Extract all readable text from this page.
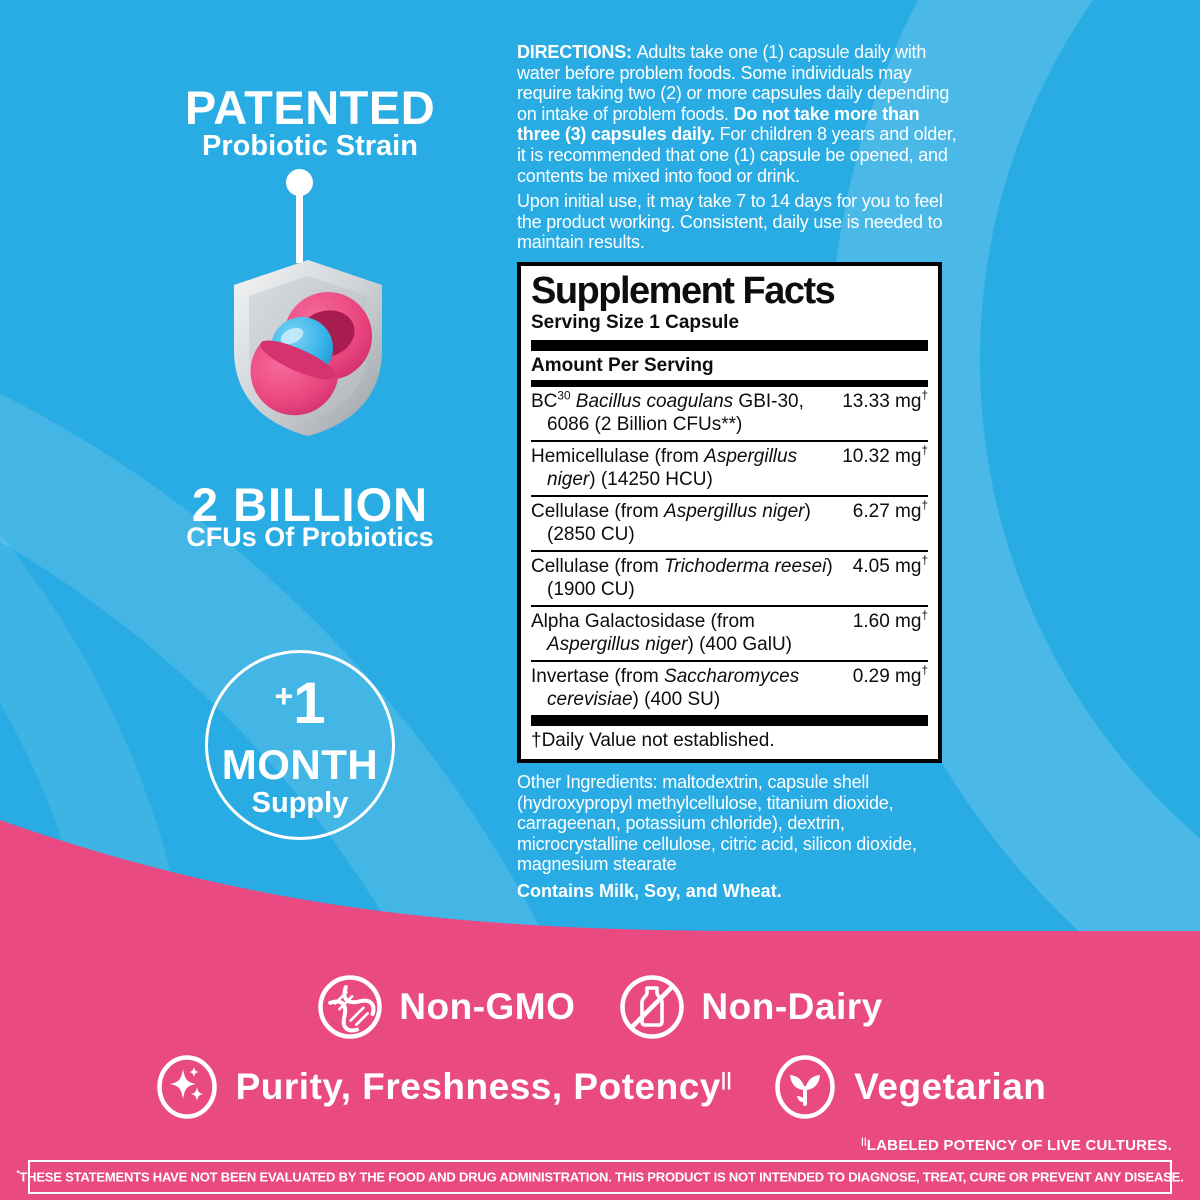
PATENTED
Probiotic Strain
2 BILLION
CFUs Of Probiotics
+1
MONTH
Supply

DIRECTIONS: Adults take one (1) capsule daily with water before problem foods. Some individuals may require taking two (2) or more capsules daily depending on intake of problem foods. Do not take more than three (3) capsules daily. For children 8 years and older, it is recommended that one (1) capsule be opened, and contents be mixed into food or drink.

Upon initial use, it may take 7 to 14 days for you to feel the product working. Consistent, daily use is needed to maintain results.

Supplement Facts
Serving Size 1 Capsule
Amount Per Serving
BC$^{30}$ Bacillus coagulans GBI-30, 6086 (2 Billion CFUs**)
13.33 mg†
Hemicellulase (from Aspergillus niger) (14250 HCU)
10.32 mg†
Cellulase (from Aspergillus niger) (2850 CU)
6.27 mg†
Cellulase (from Trichoderma reesei) (1900 CU)
4.05 mg†
Alpha Galactosidase (from Aspergillus niger) (400 GalU)
1.60 mg†
Invertase (from Saccharomyces cerevisiae) (400 SU)
0.29 mg†
†Daily Value not established.
Other Ingredients: maltodextrin, capsule shell (hydroxypropyl methylcellulose, titanium dioxide, carrageenan, potassium chloride), dextrin, microcrystalline cellulose, citric acid, silicon dioxide, magnesium stearate
Contains Milk, Soy, and Wheat.
Non-GMO	Non-Dairy
Purity, Freshness, Potency||	Vegetarian
||LABELED POTENCY OF LIVE CULTURES.
*THESE STATEMENTS HAVE NOT BEEN EVALUATED BY THE FOOD AND DRUG ADMINISTRATION. THIS PRODUCT IS NOT INTENDED TO DIAGNOSE, TREAT, CURE OR PREVENT ANY DISEASE.
